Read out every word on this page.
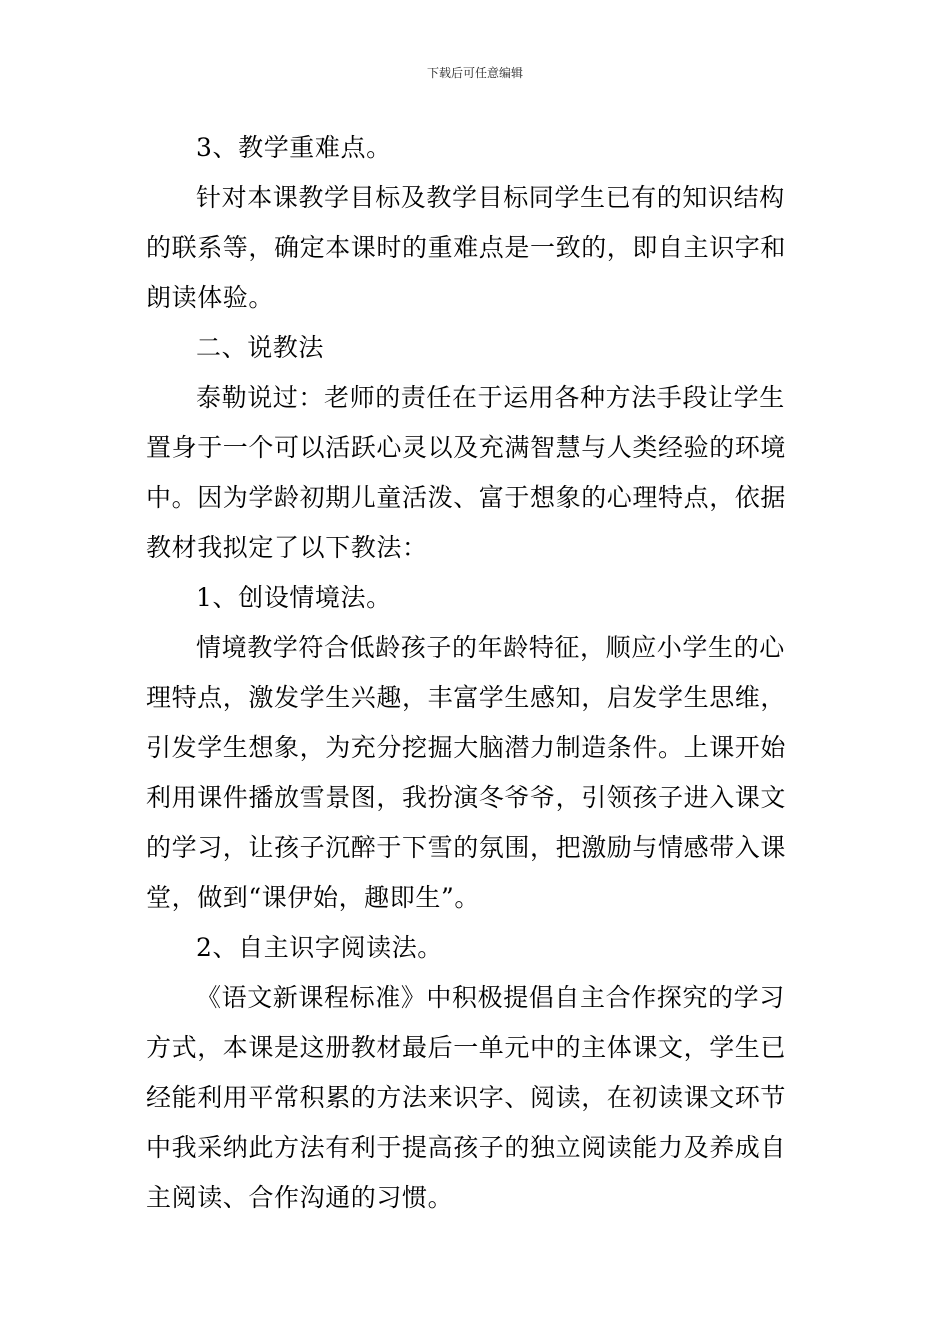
下载后可任意编辑

3、教学重难点。

针对本课教学目标及教学目标同学生已有的知识结构的联系等，确定本课时的重难点是一致的，即自主识字和朗读体验。

二、说教法

泰勒说过：老师的责任在于运用各种方法手段让学生置身于一个可以活跃心灵以及充满智慧与人类经验的环境中。因为学龄初期儿童活泼、富于想象的心理特点，依据教材我拟定了以下教法：

1、创设情境法。

情境教学符合低龄孩子的年龄特征，顺应小学生的心理特点，激发学生兴趣，丰富学生感知，启发学生思维，引发学生想象，为充分挖掘大脑潜力制造条件。上课开始利用课件播放雪景图，我扮演冬爷爷，引领孩子进入课文的学习，让孩子沉醉于下雪的氛围，把激励与情感带入课堂，做到“课伊始，趣即生”。

2、自主识字阅读法。

《语文新课程标准》中积极提倡自主合作探究的学习方式，本课是这册教材最后一单元中的主体课文，学生已经能利用平常积累的方法来识字、阅读，在初读课文环节中我采纳此方法有利于提高孩子的独立阅读能力及养成自主阅读、合作沟通的习惯。
